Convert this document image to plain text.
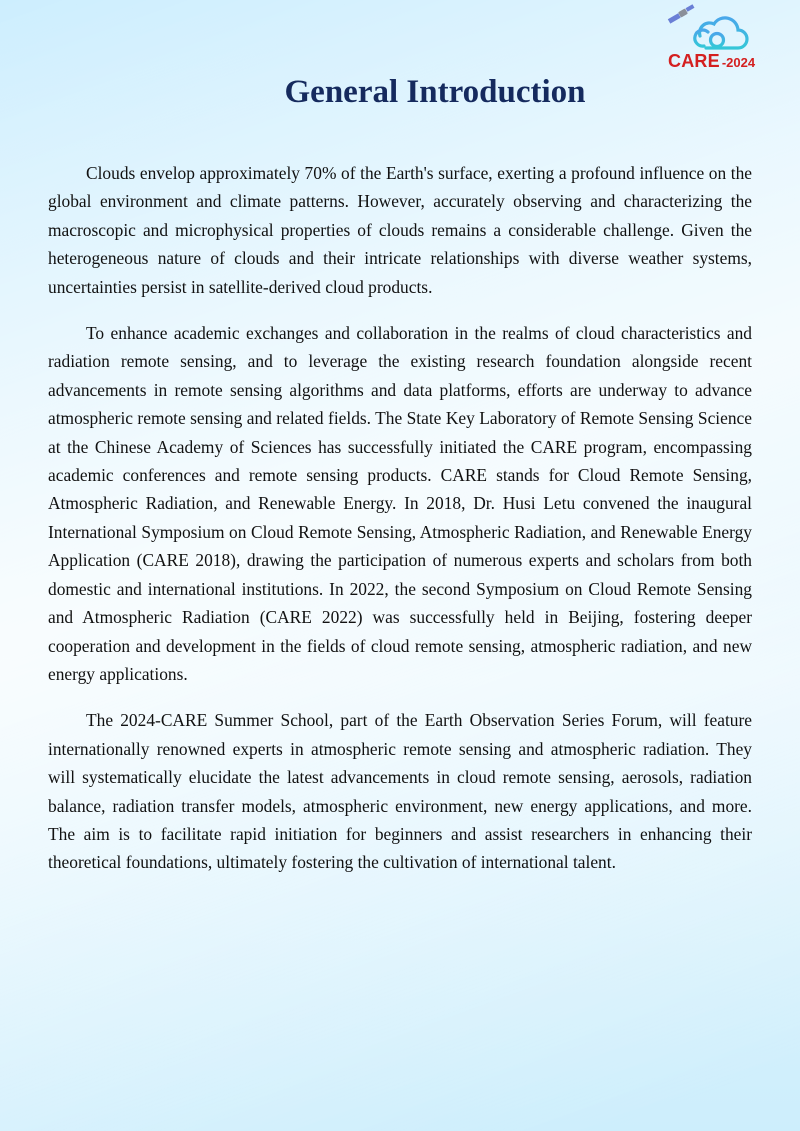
CARE -2024
General Introduction

Clouds envelop approximately 70% of the Earth's surface, exerting a profound influence on the global environment and climate patterns. However, accurately observing and characterizing the macroscopic and microphysical properties of clouds remains a considerable challenge. Given the heterogeneous nature of clouds and their intricate relationships with diverse weather systems, uncertainties persist in satellite-derived cloud products.

To enhance academic exchanges and collaboration in the realms of cloud characteristics and radiation remote sensing, and to leverage the existing research foundation alongside recent advancements in remote sensing algorithms and data platforms, efforts are underway to advance atmospheric remote sensing and related fields. The State Key Laboratory of Remote Sensing Science at the Chinese Academy of Sciences has successfully initiated the CARE program, encompassing academic conferences and remote sensing products. CARE stands for Cloud Remote Sensing, Atmospheric Radiation, and Renewable Energy. In 2018, Dr. Husi Letu convened the inaugural International Symposium on Cloud Remote Sensing, Atmospheric Radiation, and Renewable Energy Application (CARE 2018), drawing the participation of numerous experts and scholars from both domestic and international institutions. In 2022, the second Symposium on Cloud Remote Sensing and Atmospheric Radiation (CARE 2022) was successfully held in Beijing, fostering deeper cooperation and development in the fields of cloud remote sensing, atmospheric radiation, and new energy applications.

The 2024-CARE Summer School, part of the Earth Observation Series Forum, will feature internationally renowned experts in atmospheric remote sensing and atmospheric radiation. They will systematically elucidate the latest advancements in cloud remote sensing, aerosols, radiation balance, radiation transfer models, atmospheric environment, new energy applications, and more. The aim is to facilitate rapid initiation for beginners and assist researchers in enhancing their theoretical foundations, ultimately fostering the cultivation of international talent.
